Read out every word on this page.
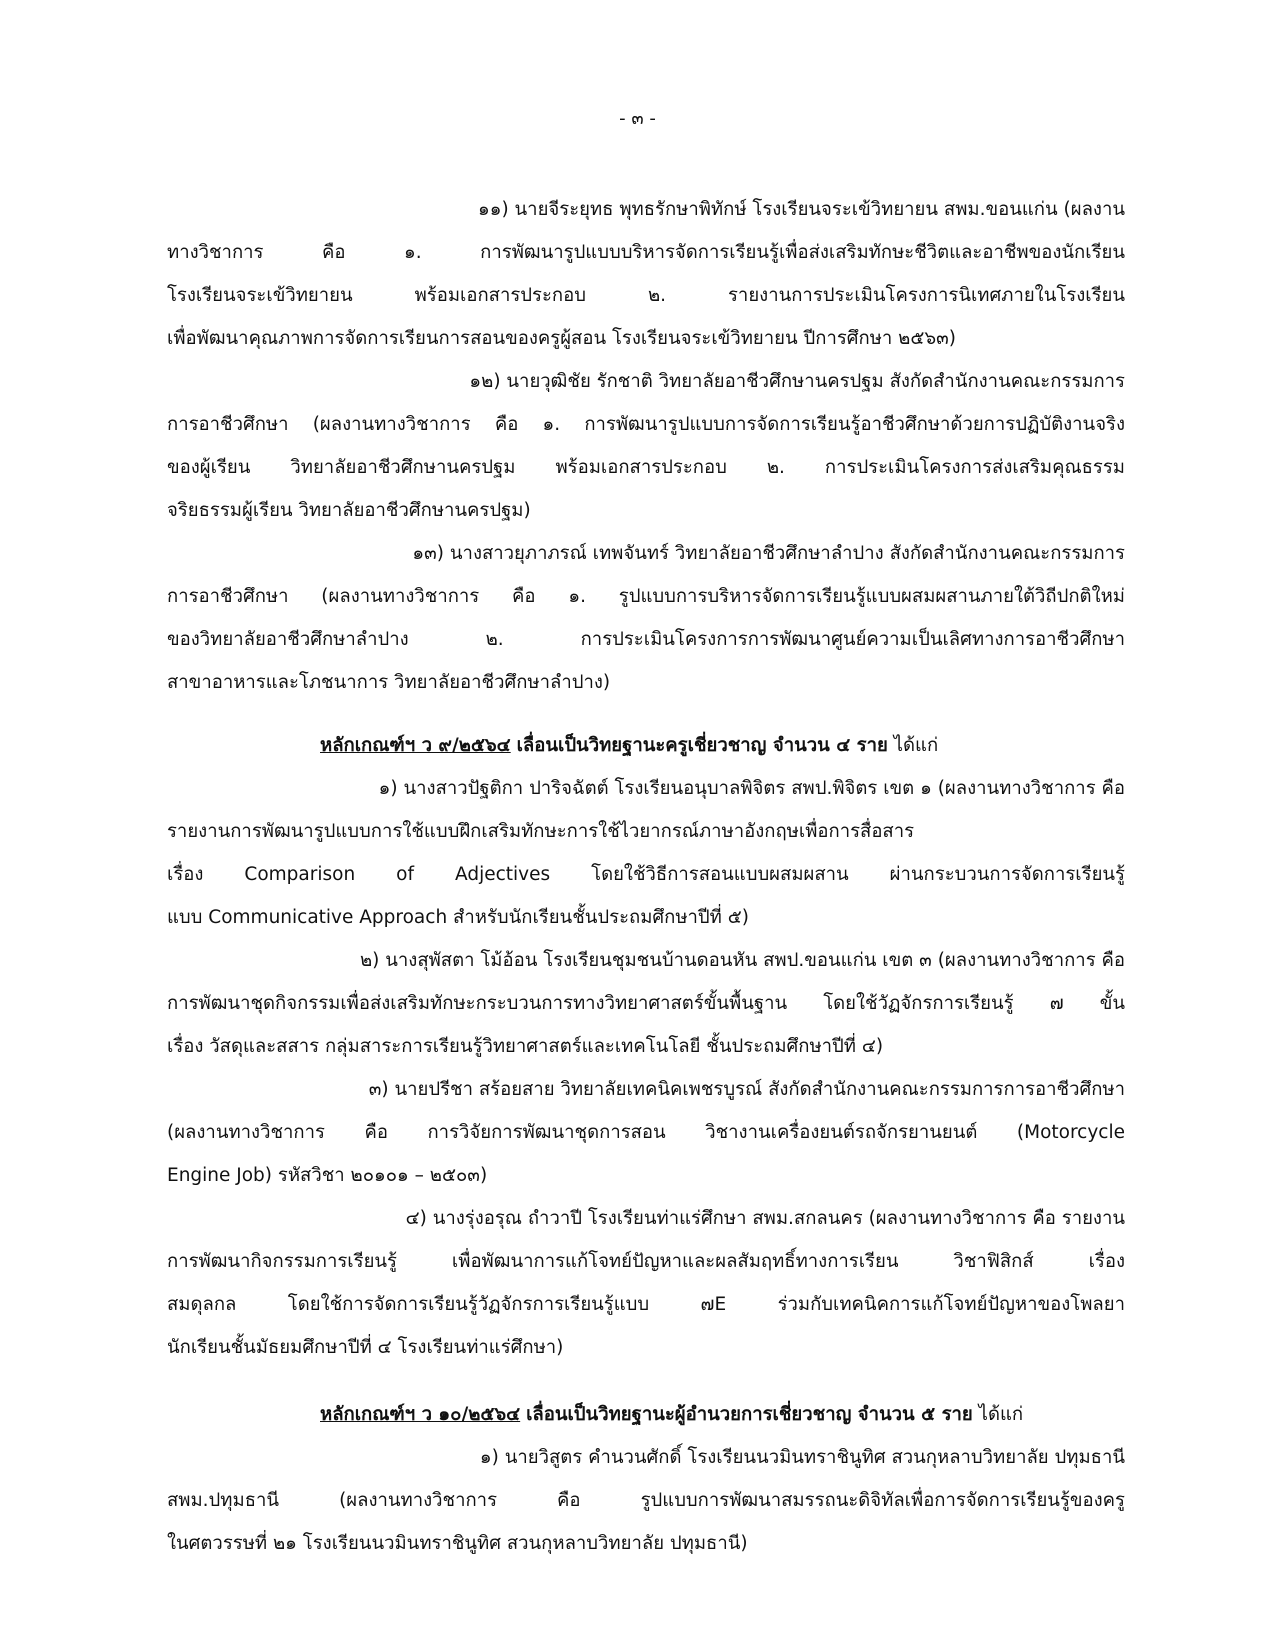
- ๓ -

๑๑) นายจีระยุทธ พุทธรักษาพิทักษ์ โรงเรียนจระเข้วิทยายน สพม.ขอนแก่น (ผลงาน
ทางวิชาการ คือ ๑. การพัฒนารูปแบบบริหารจัดการเรียนรู้เพื่อส่งเสริมทักษะชีวิตและอาชีพของนักเรียน
โรงเรียนจระเข้วิทยายน พร้อมเอกสารประกอบ ๒. รายงานการประเมินโครงการนิเทศภายในโรงเรียน
เพื่อพัฒนาคุณภาพการจัดการเรียนการสอนของครูผู้สอน โรงเรียนจระเข้วิทยายน ปีการศึกษา ๒๕๖๓)

๑๒) นายวุฒิชัย รักชาติ วิทยาลัยอาชีวศึกษานครปฐม สังกัดสำนักงานคณะกรรมการ
การอาชีวศึกษา (ผลงานทางวิชาการ คือ ๑. การพัฒนารูปแบบการจัดการเรียนรู้อาชีวศึกษาด้วยการปฏิบัติงานจริง
ของผู้เรียน วิทยาลัยอาชีวศึกษานครปฐม พร้อมเอกสารประกอบ ๒. การประเมินโครงการส่งเสริมคุณธรรม
จริยธรรมผู้เรียน วิทยาลัยอาชีวศึกษานครปฐม)

๑๓) นางสาวยุภาภรณ์ เทพจันทร์ วิทยาลัยอาชีวศึกษาลำปาง สังกัดสำนักงานคณะกรรมการ
การอาชีวศึกษา (ผลงานทางวิชาการ คือ ๑. รูปแบบการบริหารจัดการเรียนรู้แบบผสมผสานภายใต้วิถีปกติใหม่
ของวิทยาลัยอาชีวศึกษาลำปาง ๒. การประเมินโครงการการพัฒนาศูนย์ความเป็นเลิศทางการอาชีวศึกษา
สาขาอาหารและโภชนาการ วิทยาลัยอาชีวศึกษาลำปาง)

หลักเกณฑ์ฯ ว ๙/๒๕๖๔ เลื่อนเป็นวิทยฐานะครูเชี่ยวชาญ จำนวน ๔ ราย ได้แก่

๑) นางสาวปัฐติกา ปาริจฉัตต์ โรงเรียนอนุบาลพิจิตร สพป.พิจิตร เขต ๑ (ผลงานทางวิชาการ คือ
รายงานการพัฒนารูปแบบการใช้แบบฝึกเสริมทักษะการใช้ไวยากรณ์ภาษาอังกฤษเพื่อการสื่อสาร
เรื่อง Comparison of Adjectives โดยใช้วิธีการสอนแบบผสมผสาน ผ่านกระบวนการจัดการเรียนรู้
แบบ Communicative Approach สำหรับนักเรียนชั้นประถมศึกษาปีที่ ๕)

๒) นางสุพัสตา โม้อ้อน โรงเรียนชุมชนบ้านดอนหัน สพป.ขอนแก่น เขต ๓ (ผลงานทางวิชาการ คือ
การพัฒนาชุดกิจกรรมเพื่อส่งเสริมทักษะกระบวนการทางวิทยาศาสตร์ขั้นพื้นฐาน โดยใช้วัฏจักรการเรียนรู้ ๗ ขั้น
เรื่อง วัสดุและสสาร กลุ่มสาระการเรียนรู้วิทยาศาสตร์และเทคโนโลยี ชั้นประถมศึกษาปีที่ ๔)

๓) นายปรีชา สร้อยสาย วิทยาลัยเทคนิคเพชรบูรณ์ สังกัดสำนักงานคณะกรรมการการอาชีวศึกษา
(ผลงานทางวิชาการ คือ การวิจัยการพัฒนาชุดการสอน วิชางานเครื่องยนต์รถจักรยานยนต์ (Motorcycle
Engine Job) รหัสวิชา ๒๐๑๐๑ – ๒๕๐๓)

๔) นางรุ่งอรุณ ถำวาปี โรงเรียนท่าแร่ศึกษา สพม.สกลนคร (ผลงานทางวิชาการ คือ รายงาน
การพัฒนากิจกรรมการเรียนรู้ เพื่อพัฒนาการแก้โจทย์ปัญหาและผลสัมฤทธิ์ทางการเรียน วิชาฟิสิกส์ เรื่อง
สมดุลกล โดยใช้การจัดการเรียนรู้วัฏจักรการเรียนรู้แบบ ๗E ร่วมกับเทคนิคการแก้โจทย์ปัญหาของโพลยา
นักเรียนชั้นมัธยมศึกษาปีที่ ๔ โรงเรียนท่าแร่ศึกษา)

หลักเกณฑ์ฯ ว ๑๐/๒๕๖๔ เลื่อนเป็นวิทยฐานะผู้อำนวยการเชี่ยวชาญ จำนวน ๕ ราย ได้แก่

๑) นายวิสูตร คำนวนศักดิ์ โรงเรียนนวมินทราชินูทิศ สวนกุหลาบวิทยาลัย ปทุมธานี
สพม.ปทุมธานี (ผลงานทางวิชาการ คือ รูปแบบการพัฒนาสมรรถนะดิจิทัลเพื่อการจัดการเรียนรู้ของครู
ในศตวรรษที่ ๒๑ โรงเรียนนวมินทราชินูทิศ สวนกุหลาบวิทยาลัย ปทุมธานี)
